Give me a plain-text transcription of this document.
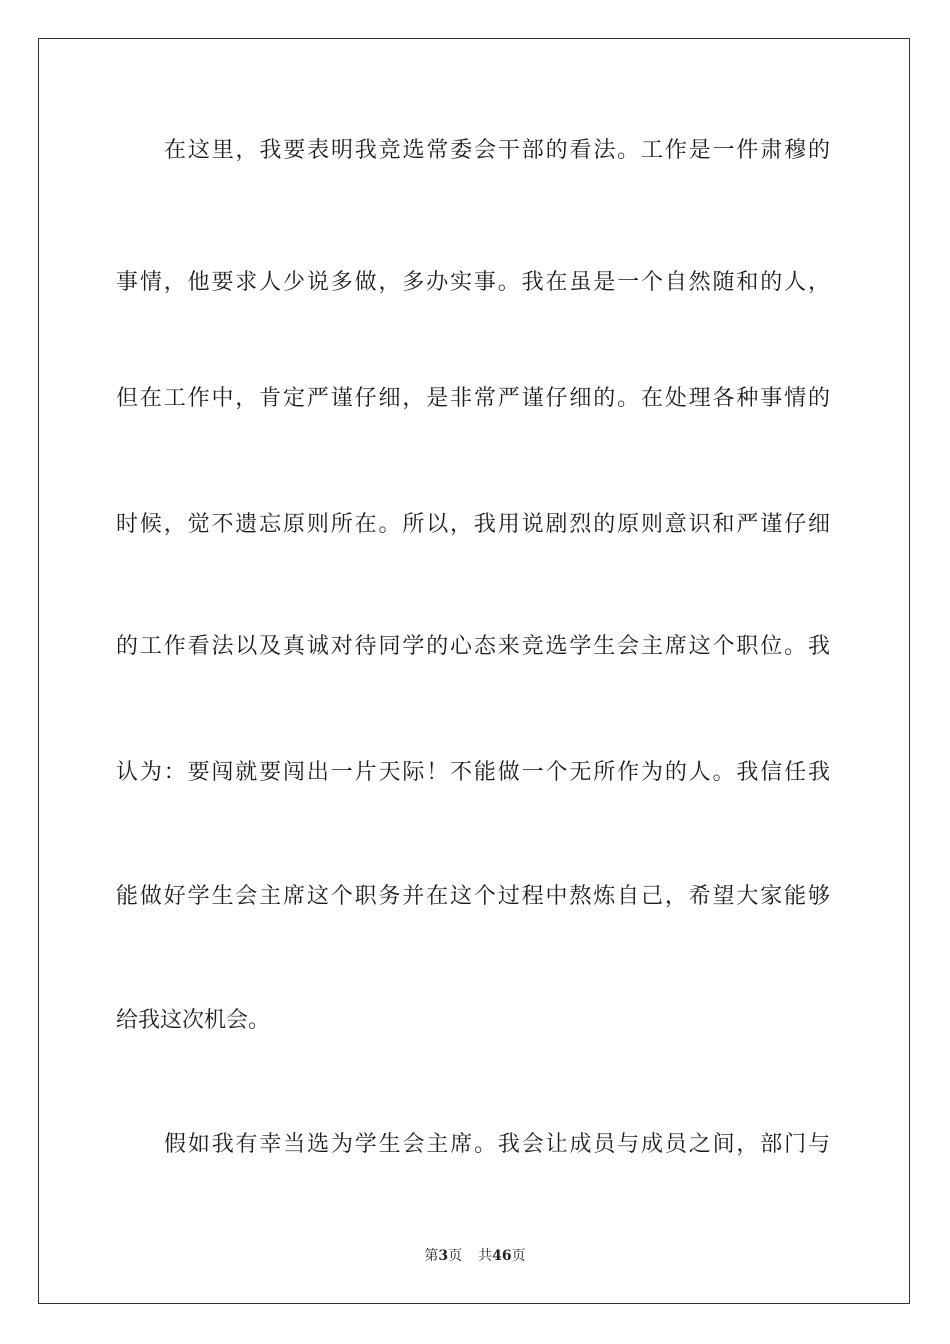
在这里，我要表明我竞选常委会干部的看法。工作是一件肃穆的
事情，他要求人少说多做，多办实事。我在虽是一个自然随和的人，
但在工作中，肯定严谨仔细，是非常严谨仔细的。在处理各种事情的
时候，觉不遗忘原则所在。所以，我用说剧烈的原则意识和严谨仔细
的工作看法以及真诚对待同学的心态来竞选学生会主席这个职位。我
认为：要闯就要闯出一片天际！不能做一个无所作为的人。我信任我
能做好学生会主席这个职务并在这个过程中熬炼自己，希望大家能够
给我这次机会。
假如我有幸当选为学生会主席。我会让成员与成员之间，部门与
第3页 共46页
